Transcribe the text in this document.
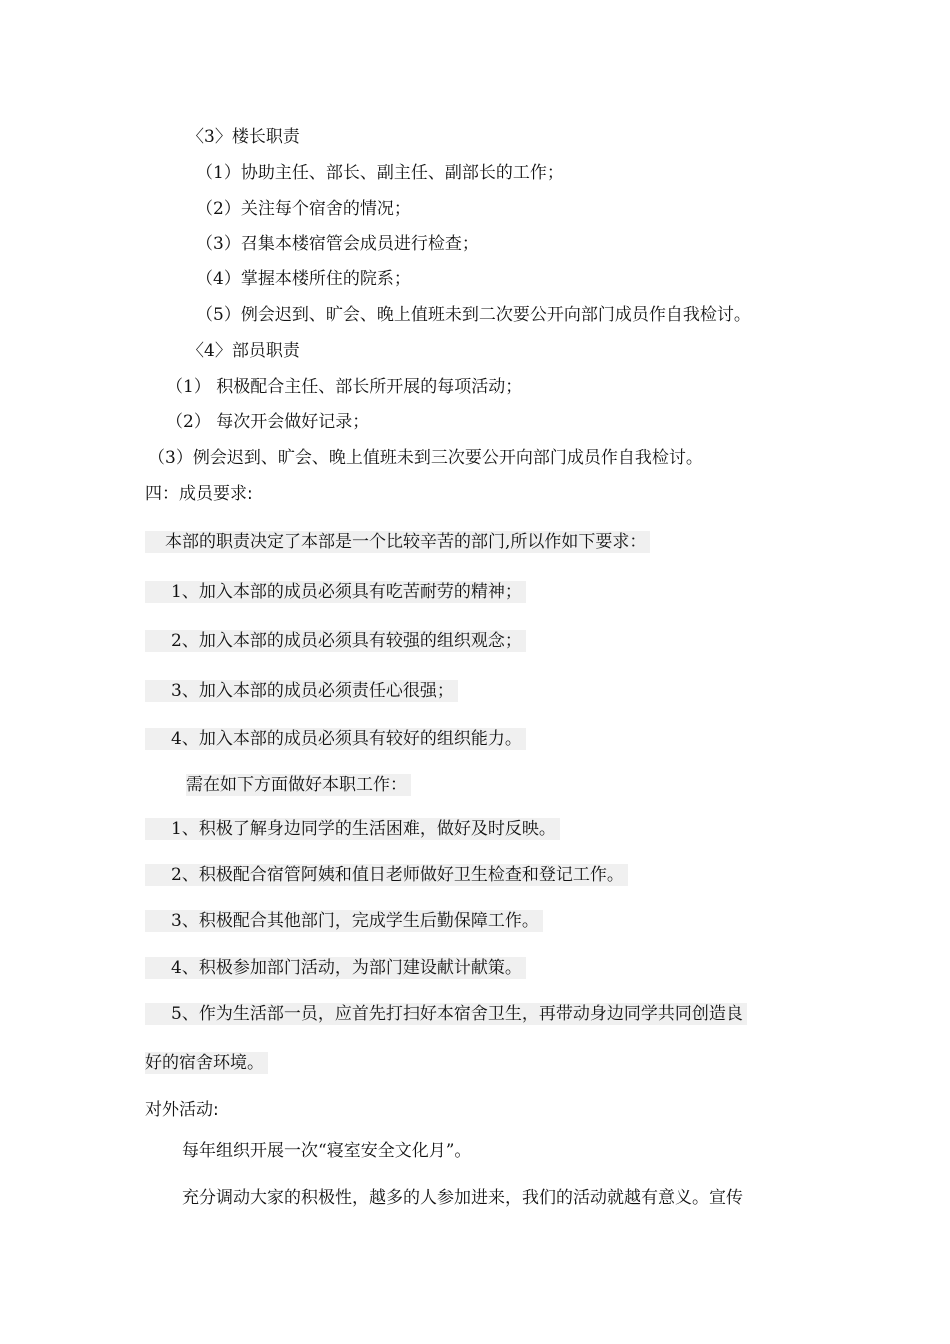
〈3〉楼长职责
（1）协助主任、部长、副主任、副部长的工作；
（2）关注每个宿舍的情况；
（3）召集本楼宿管会成员进行检查；
（4）掌握本楼所住的院系；
（5）例会迟到、旷会、晚上值班未到二次要公开向部门成员作自我检讨。
〈4〉部员职责
（1） 积极配合主任、部长所开展的每项活动；
（2） 每次开会做好记录；
（3）例会迟到、旷会、晚上值班未到三次要公开向部门成员作自我检讨。
四：成员要求:
本部的职责决定了本部是一个比较辛苦的部门,所以作如下要求：
1、加入本部的成员必须具有吃苦耐劳的精神；
2、加入本部的成员必须具有较强的组织观念；
3、加入本部的成员必须责任心很强；
4、加入本部的成员必须具有较好的组织能力。
需在如下方面做好本职工作：
1、积极了解身边同学的生活困难，做好及时反映。
2、积极配合宿管阿姨和值日老师做好卫生检查和登记工作。
3、积极配合其他部门，完成学生后勤保障工作。
4、积极参加部门活动，为部门建设献计献策。
5、作为生活部一员，应首先打扫好本宿舍卫生，再带动身边同学共同创造良
好的宿舍环境。
对外活动:
每年组织开展一次“寝室安全文化月”。
充分调动大家的积极性，越多的人参加进来，我们的活动就越有意义。宣传
